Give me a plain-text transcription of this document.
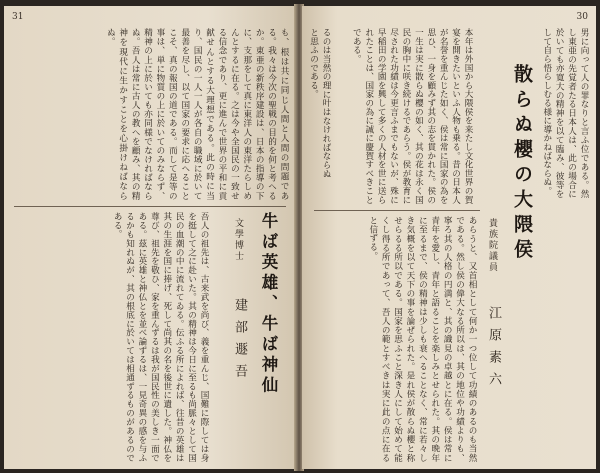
31
も、根は共に同じ人間と人間の問題である。我々は今次の聖戦の目的を何と考へるか。東亜の新秩序建設は、日本の指導の下に、支那をして真に東洋人の東洋たらしめんとするに在る。之は今や全国民の一致せる信念であり、更に進んで世界の平和に貢献せんとする大理想である。此の時に当り、国民の一人一人が各自の職域に於いて最善を尽し、以て国家の要求に応へることこそ、真の報国の道である。而して是等の事は、単に物質の上に於いてのみならず、精神の上に於いても亦同様でなければならぬ。吾人は常に古人の教へを顧み、其の精神を現代に生かすことを心掛けねばならぬ。
吾人の祖先は、古来武を尚び、義を重んじ、国難に際しては身を挺して之に赴いた。其の精神は今日に至るも尚脈々として国民の血潮の中に流れてゐる。伝ふる所によれば、往昔の英雄は其の生涯を国に捧げ、死して尚其の名を後世に遺した。神仏を尊び、祖先を敬ひ、家を重んずるは我が国民性の美しき一面である。茲に英雄と神仏とを並べ論ずるは、一見奇異の感を与ふるかも知れぬが、其の根底に於いては相通ずるものがあるのである。	牛ば英雄、牛ば神仙
文學博士
建部遯吾
30
るのは当然の理に叶はなければならぬと思ふのである。	男に向って人の罪なりと言ふ位である。然し東亜の先覚者たる日本人は、此の場合に於いても亦寛大の精神を以て臨み、彼等をして自ら悟らしむる様に導かねばならぬ。
散らぬ櫻の大隈侯
貴族院議員
江原素六
本年は外国から大隈侯を来たし文化世界の賀宴を開きたいといふ人物も乗る。昔の日本人が名誉を重んじた如く、侯は常に国家の為を思ひ、一身を顧みず其の志を貫かれた。侯の一生は実に散らぬ櫻の如く、其の花は永く国民の胸中に咲き続けるであらう。侯が教育に尽された功績は今更言ふまでもないが、殊に早稲田の学園を興して多くの人材を世に送られたことは、国家の為に誠に慶賀すべきことである。
あらうと、又首相として何か一つ位して功績のあるのも当然である。然し侯の偉大なる所以は、其の地位や功績よりも、寧ろ其の人格の円満と、其の識見の卓越とに在る。侯は常に青年を愛し、青年と語ることを楽しみとせられた。其の晩年に至るまで、侯の精神は少しも衰へることなく、常に若々しき気概を以て天下の事を論ぜられた。是れ侯が散らぬ櫻と称せらるる所以である。国家を思ふこと深き人にして始めて能くし得る所であって、吾人の範とすべきは実に此の点に在ると信ずる。
